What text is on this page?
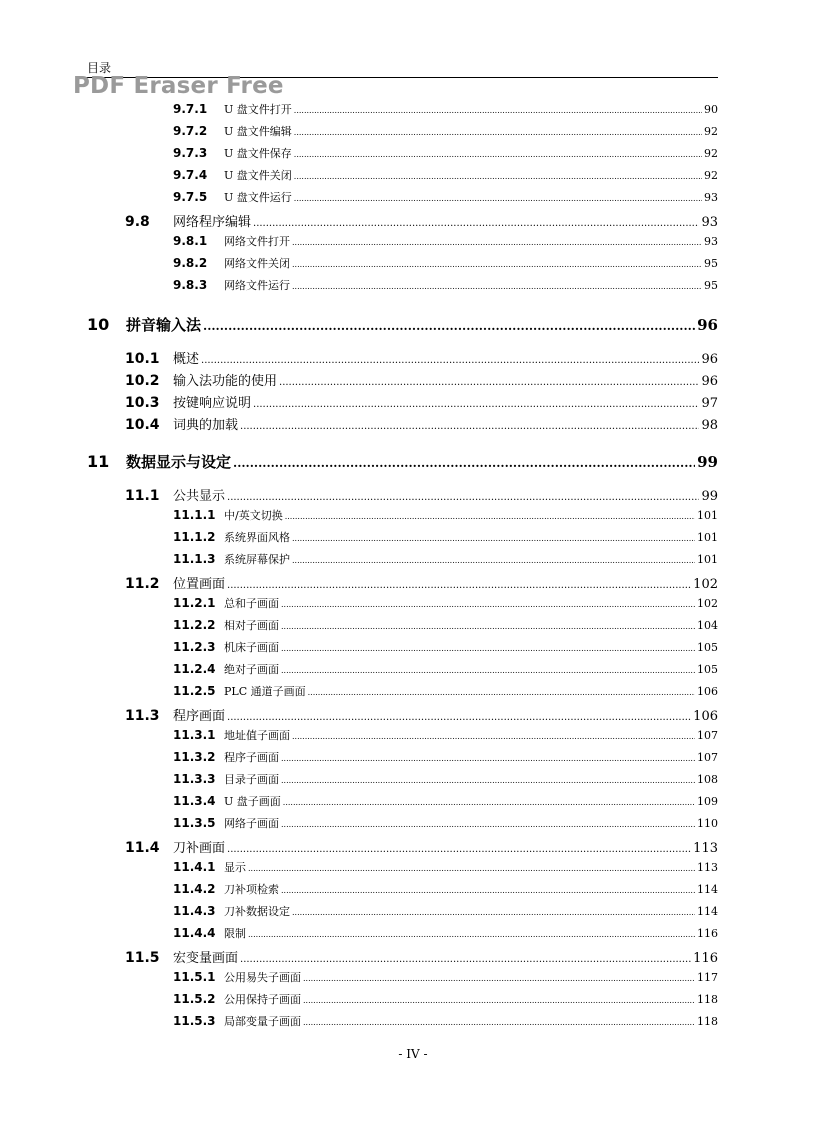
目录
PDF Eraser Free
9.7.1	U 盘文件打开 .....	90
9.7.2	U 盘文件编辑 .....	92
9.7.3	U 盘文件保存 .....	92
9.7.4	U 盘文件关闭 .....	92
9.7.5	U 盘文件运行 .....	93
9.8	网络程序编辑 .....	93
9.8.1	网络文件打开 .....	93
9.8.2	网络文件关闭 .....	95
9.8.3	网络文件运行 .....	95
10	拼音输入法 .....	96
10.1	概述 .....	96
10.2	输入法功能的使用 .....	96
10.3	按键响应说明 .....	97
10.4	词典的加载 .....	98
11	数据显示与设定 .....	99
11.1	公共显示 .....	99
11.1.1 中/英文切换 .....	101
11.1.2 系统界面风格 .....	101
11.1.3 系统屏幕保护 .....	101
11.2	位置画面 .....	102
11.2.1 总和子画面 .....	102
11.2.2 相对子画面 .....	104
11.2.3 机床子画面 .....	105
11.2.4 绝对子画面 .....	105
11.2.5 PLC 通道子画面 .....	106
11.3	程序画面 .....	106
11.3.1 地址值子画面 .....	107
11.3.2 程序子画面 .....	107
11.3.3 目录子画面 .....	108
11.3.4 U 盘子画面 .....	109
11.3.5 网络子画面 .....	110
11.4	刀补画面 .....	113
11.4.1 显示 .....	113
11.4.2 刀补项检索 .....	114
11.4.3 刀补数据设定 .....	114
11.4.4 限制 .....	116
11.5	宏变量画面 .....	116
11.5.1 公用易失子画面 .....	117
11.5.2 公用保持子画面 .....	118
11.5.3 局部变量子画面 .....	118
- IV -
